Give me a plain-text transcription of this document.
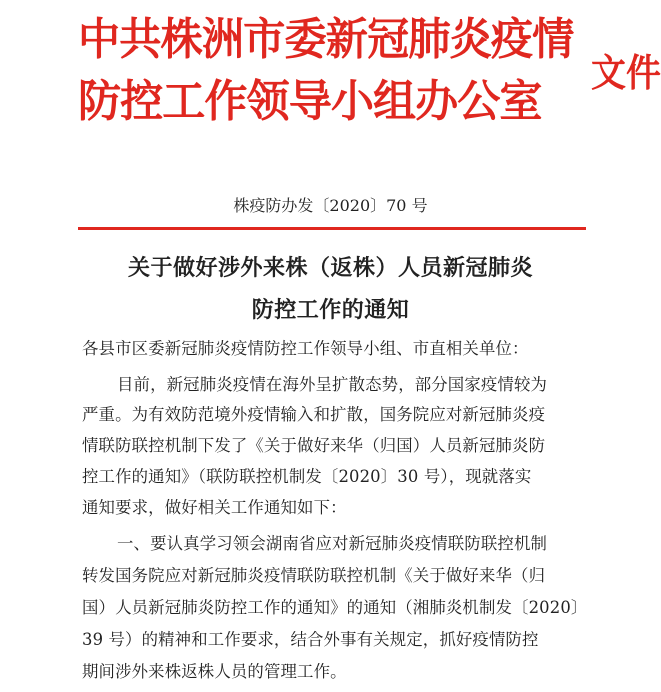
中共株洲市委新冠肺炎疫情
防控工作领导小组办公室
文件
株疫防办发〔2020〕70 号
关于做好涉外来株（返株）人员新冠肺炎
防控工作的通知
各县市区委新冠肺炎疫情防控工作领导小组、市直相关单位：
目前，新冠肺炎疫情在海外呈扩散态势，部分国家疫情较为
严重。为有效防范境外疫情输入和扩散，国务院应对新冠肺炎疫
情联防联控机制下发了《关于做好来华（归国）人员新冠肺炎防
控工作的通知》（联防联控机制发〔2020〕30 号），现就落实
通知要求，做好相关工作通知如下：
一、要认真学习领会湖南省应对新冠肺炎疫情联防联控机制
转发国务院应对新冠肺炎疫情联防联控机制《关于做好来华（归
国）人员新冠肺炎防控工作的通知》的通知（湘肺炎机制发〔2020〕
39 号）的精神和工作要求，结合外事有关规定，抓好疫情防控
期间涉外来株返株人员的管理工作。
